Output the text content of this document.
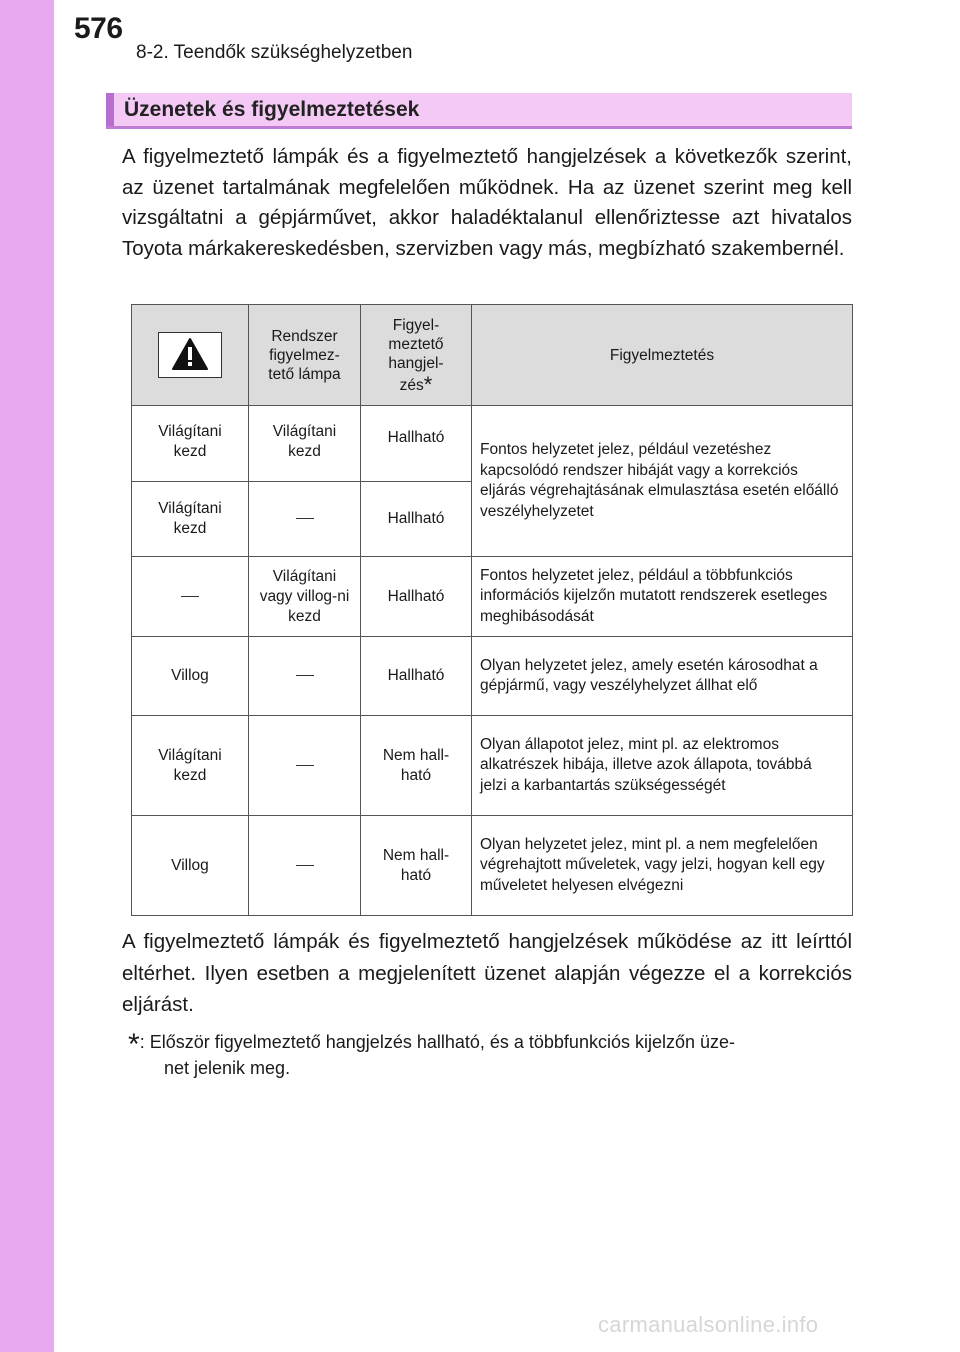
576
8-2. Teendők szükséghelyzetben
Üzenetek és figyelmeztetések
A figyelmeztető lámpák és a figyelmeztető hangjelzések a következők szerint, az üzenet tartalmának megfelelően működnek. Ha az üzenet szerint meg kell vizsgáltatni a gépjárművet, akkor haladéktalanul ellenőriztesse azt hivatalos Toyota márkakereskedésben, szervizben vagy más, megbízható szakembernél.
	Rendszer figyelmez-tető lámpa	Figyel-meztető hangjel-zés*	Figyelmeztetés
Világítani kezd	Világítani kezd	Hallható	Fontos helyzetet jelez, például vezetéshez kapcsolódó rendszer hibáját vagy a korrekciós eljárás végrehajtásának elmulasztása esetén előálló veszélyhelyzetet
Világítani kezd		Hallható	
	Világítani vagy villog-ni kezd	Hallható	Fontos helyzetet jelez, például a többfunkciós információs kijelzőn mutatott rendszerek esetleges meghibásodását
Villog		Hallható	Olyan helyzetet jelez, amely esetén károsodhat a gépjármű, vagy veszélyhelyzet állhat elő
Világítani kezd		Nem hall-ható	Olyan állapotot jelez, mint pl. az elektromos alkatrészek hibája, illetve azok állapota, továbbá jelzi a karbantartás szükségességét
Villog		Nem hall-ható	Olyan helyzetet jelez, mint pl. a nem megfelelően végrehajtott műveletek, vagy jelzi, hogyan kell egy műveletet helyesen elvégezni
A figyelmeztető lámpák és figyelmeztető hangjelzések működése az itt leírttól eltérhet. Ilyen esetben a megjelenített üzenet alapján végezze el a korrekciós eljárást.
*: Először figyelmeztető hangjelzés hallható, és a többfunkciós kijelzőn üze-
net jelenik meg.
carmanualsonline.info
